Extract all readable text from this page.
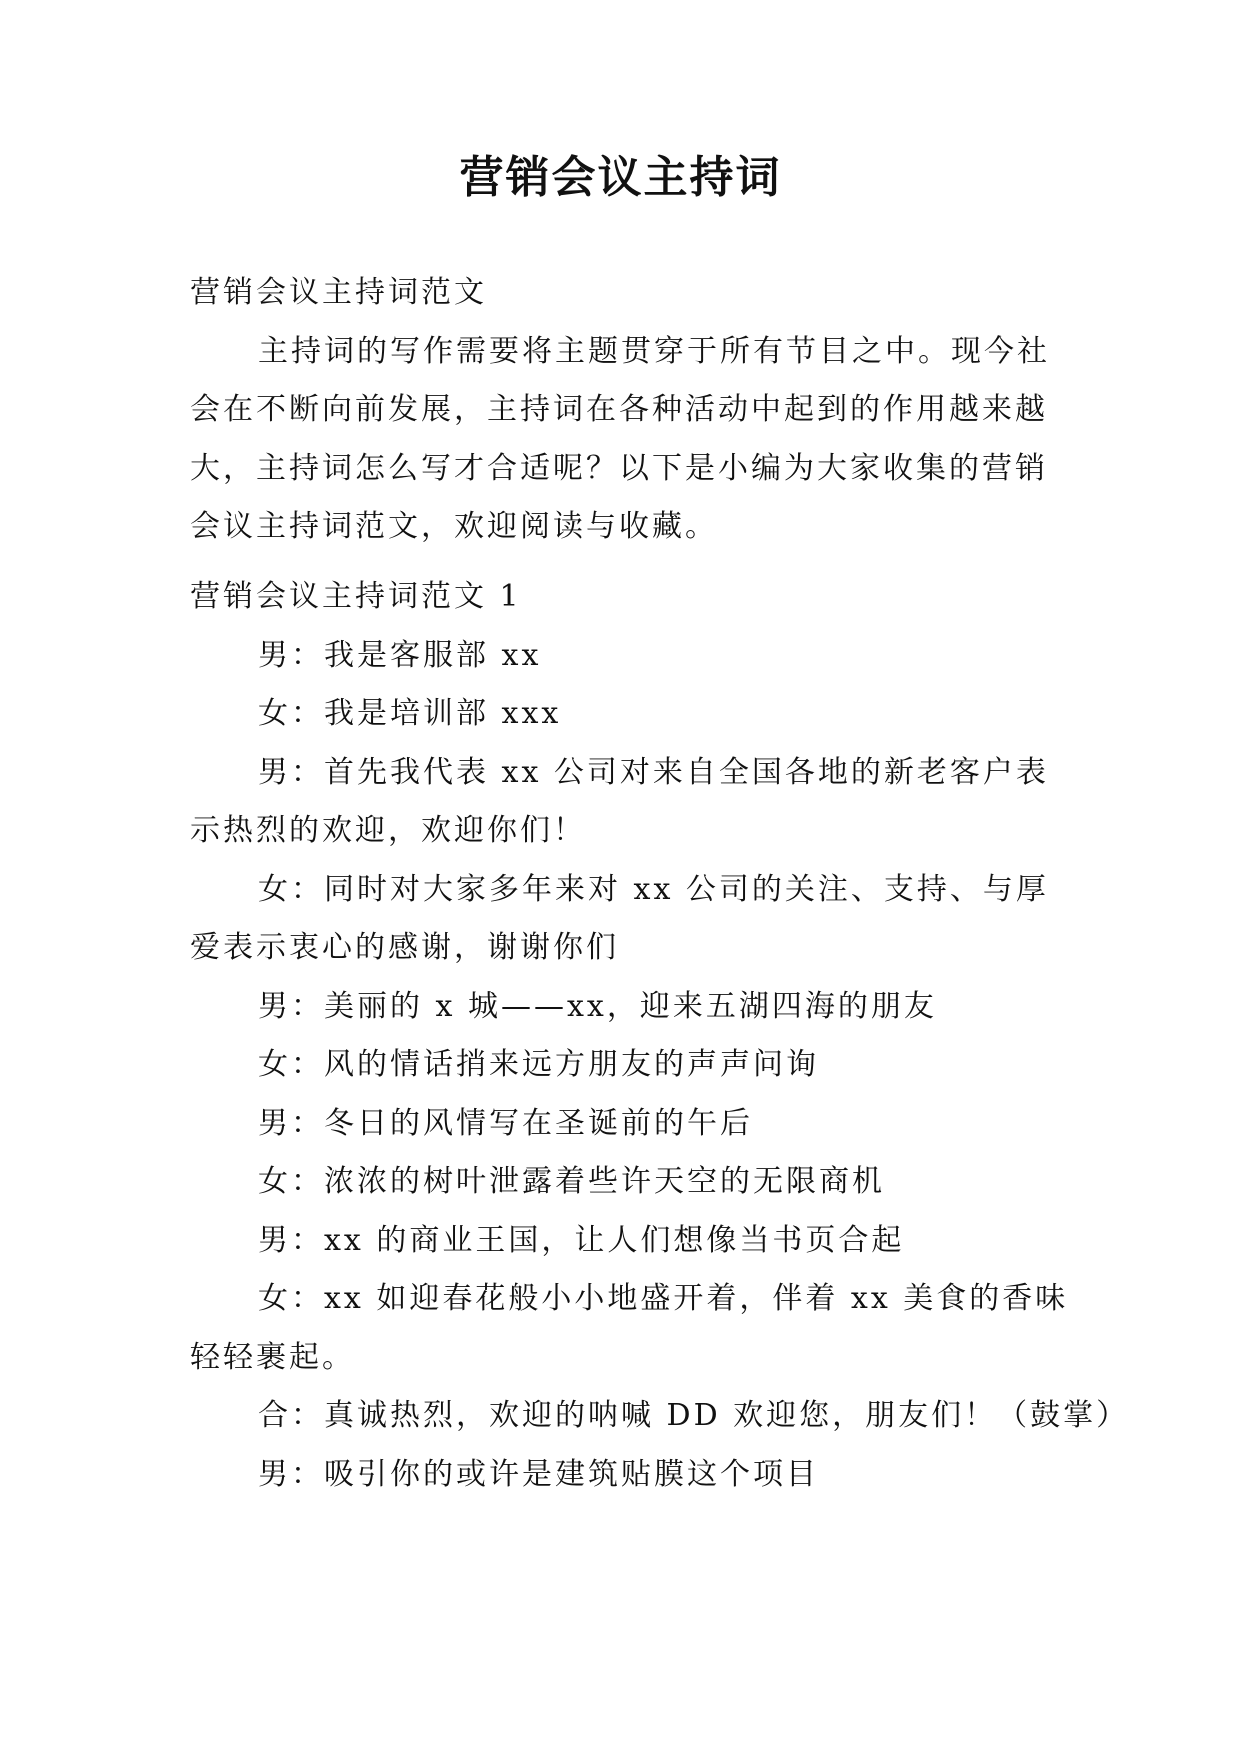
营销会议主持词
营销会议主持词范文
主持词的写作需要将主题贯穿于所有节目之中。现今社
会在不断向前发展，主持词在各种活动中起到的作用越来越
大，主持词怎么写才合适呢？以下是小编为大家收集的营销
会议主持词范文，欢迎阅读与收藏。
营销会议主持词范文 1
男：我是客服部 xx
女：我是培训部 xxx
男：首先我代表 xx 公司对来自全国各地的新老客户表
示热烈的欢迎，欢迎你们！
女：同时对大家多年来对 xx 公司的关注、支持、与厚
爱表示衷心的感谢，谢谢你们
男：美丽的 x 城——xx，迎来五湖四海的朋友
女：风的情话捎来远方朋友的声声问询
男：冬日的风情写在圣诞前的午后
女：浓浓的树叶泄露着些许天空的无限商机
男：xx 的商业王国，让人们想像当书页合起
女：xx 如迎春花般小小地盛开着，伴着 xx 美食的香味
轻轻裹起。
合：真诚热烈，欢迎的呐喊 DD 欢迎您，朋友们！（鼓掌）
男：吸引你的或许是建筑贴膜这个项目
